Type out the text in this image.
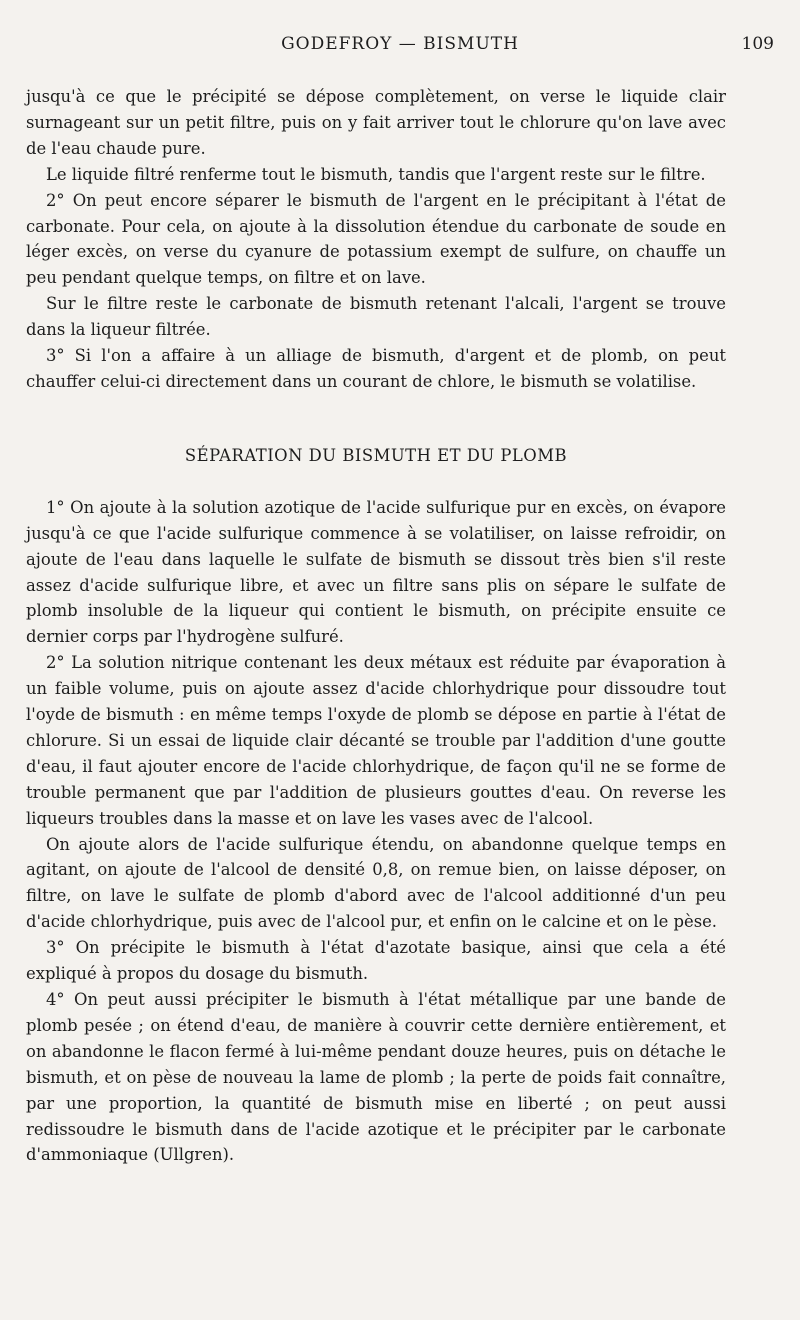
GODEFROY — BISMUTH	109

jusqu'à ce que le précipité se dépose complètement, on verse le liquide clair surnageant sur un petit filtre, puis on y fait arriver tout le chlorure qu'on lave avec de l'eau chaude pure.

Le liquide filtré renferme tout le bismuth, tandis que l'argent reste sur le filtre.

2° On peut encore séparer le bismuth de l'argent en le précipitant à l'état de carbonate. Pour cela, on ajoute à la dissolution étendue du carbonate de soude en léger excès, on verse du cyanure de potassium exempt de sulfure, on chauffe un peu pendant quelque temps, on filtre et on lave.

Sur le filtre reste le carbonate de bismuth retenant l'alcali, l'argent se trouve dans la liqueur filtrée.

3° Si l'on a affaire à un alliage de bismuth, d'argent et de plomb, on peut chauffer celui-ci directement dans un courant de chlore, le bismuth se volatilise.

SÉPARATION DU BISMUTH ET DU PLOMB

1° On ajoute à la solution azotique de l'acide sulfurique pur en excès, on évapore jusqu'à ce que l'acide sulfurique commence à se volatiliser, on laisse refroidir, on ajoute de l'eau dans laquelle le sulfate de bismuth se dissout très bien s'il reste assez d'acide sulfurique libre, et avec un filtre sans plis on sépare le sulfate de plomb insoluble de la liqueur qui contient le bismuth, on précipite ensuite ce dernier corps par l'hydrogène sulfuré.

2° La solution nitrique contenant les deux métaux est réduite par évaporation à un faible volume, puis on ajoute assez d'acide chlorhydrique pour dissoudre tout l'oyde de bismuth : en même temps l'oxyde de plomb se dépose en partie à l'état de chlorure. Si un essai de liquide clair décanté se trouble par l'addition d'une goutte d'eau, il faut ajouter encore de l'acide chlorhydrique, de façon qu'il ne se forme de trouble permanent que par l'addition de plusieurs gouttes d'eau. On reverse les liqueurs troubles dans la masse et on lave les vases avec de l'alcool.

On ajoute alors de l'acide sulfurique étendu, on abandonne quelque temps en agitant, on ajoute de l'alcool de densité 0,8, on remue bien, on laisse déposer, on filtre, on lave le sulfate de plomb d'abord avec de l'alcool additionné d'un peu d'acide chlorhydrique, puis avec de l'alcool pur, et enfin on le calcine et on le pèse.

3° On précipite le bismuth à l'état d'azotate basique, ainsi que cela a été expliqué à propos du dosage du bismuth.

4° On peut aussi précipiter le bismuth à l'état métallique par une bande de plomb pesée ; on étend d'eau, de manière à couvrir cette dernière entièrement, et on abandonne le flacon fermé à lui-même pendant douze heures, puis on détache le bismuth, et on pèse de nouveau la lame de plomb ; la perte de poids fait connaître, par une proportion, la quantité de bismuth mise en liberté ; on peut aussi redissoudre le bismuth dans de l'acide azotique et le précipiter par le carbonate d'ammoniaque (Ullgren).
